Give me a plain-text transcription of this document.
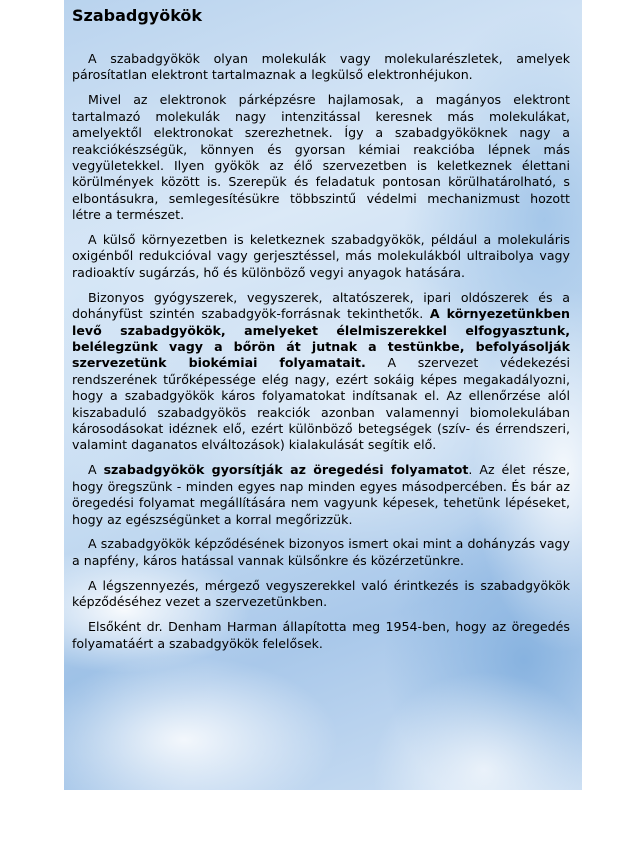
Szabadgyökök

A szabadgyökök olyan molekulák vagy molekularészletek, amelyek párosítatlan elektront tartalmaznak a legkülső elektronhéjukon.

Mivel az elektronok párképzésre hajlamosak, a magányos elektront tartalmazó molekulák nagy intenzitással keresnek más molekulákat, amelyektől elektronokat szerezhetnek. Így a szabadgyököknek nagy a reakciókészségük, könnyen és gyorsan kémiai reakcióba lépnek más vegyületekkel. Ilyen gyökök az élő szervezetben is keletkeznek élettani körülmények között is. Szerepük és feladatuk pontosan körülhatárolható, s elbontásukra, semlegesítésükre többszintű védelmi mechanizmust hozott létre a természet.

A külső környezetben is keletkeznek szabadgyökök, például a molekuláris oxigénből redukcióval vagy gerjesztéssel, más molekulákból ultraibolya vagy radioaktív sugárzás, hő és különböző vegyi anyagok hatására.

Bizonyos gyógyszerek, vegyszerek, altatószerek, ipari oldószerek és a dohányfüst szintén szabadgyök-forrásnak tekinthetők. A környezetünkben levő szabadgyökök, amelyeket élelmiszerekkel elfogyasztunk, belélegzünk vagy a bőrön át jutnak a testünkbe, befolyásolják szervezetünk biokémiai folyamatait. A szervezet védekezési rendszerének tűrőképessége elég nagy, ezért sokáig képes megakadályozni, hogy a szabadgyökök káros folyamatokat indítsanak el. Az ellenőrzése alól kiszabaduló szabadgyökös reakciók azonban valamennyi biomolekulában károsodásokat idéznek elő, ezért különböző betegségek (szív- és érrendszeri, valamint daganatos elváltozások) kialakulását segítik elő.

A szabadgyökök gyorsítják az öregedési folyamatot. Az élet része, hogy öregszünk - minden egyes nap minden egyes másodpercében. És bár az öregedési folyamat megállítására nem vagyunk képesek, tehetünk lépéseket, hogy az egészségünket a korral megőrizzük.

A szabadgyökök képződésének bizonyos ismert okai mint a dohányzás vagy a napfény, káros hatással vannak külsőnkre és közérzetünkre.

A légszennyezés, mérgező vegyszerekkel való érintkezés is szabadgyökök képződéséhez vezet a szervezetünkben.

Elsőként dr. Denham Harman állapította meg 1954-ben, hogy az öregedés folyamatáért a szabadgyökök felelősek.
